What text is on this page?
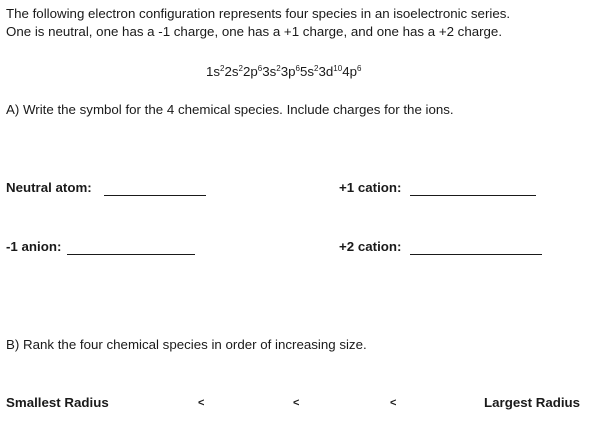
The following electron configuration represents four species in an isoelectronic series.
One is neutral, one has a -1 charge, one has a +1 charge, and one has a +2 charge.
$1s^22s^22p^63s^23p^65s^23d^{10}4p^6$
A) Write the symbol for the 4 chemical species. Include charges for the ions.
Neutral atom:	+1 cation:
-1 anion:	+2 cation:
B) Rank the four chemical species in order of increasing size.
Smallest Radius	<	<	<	Largest Radius
